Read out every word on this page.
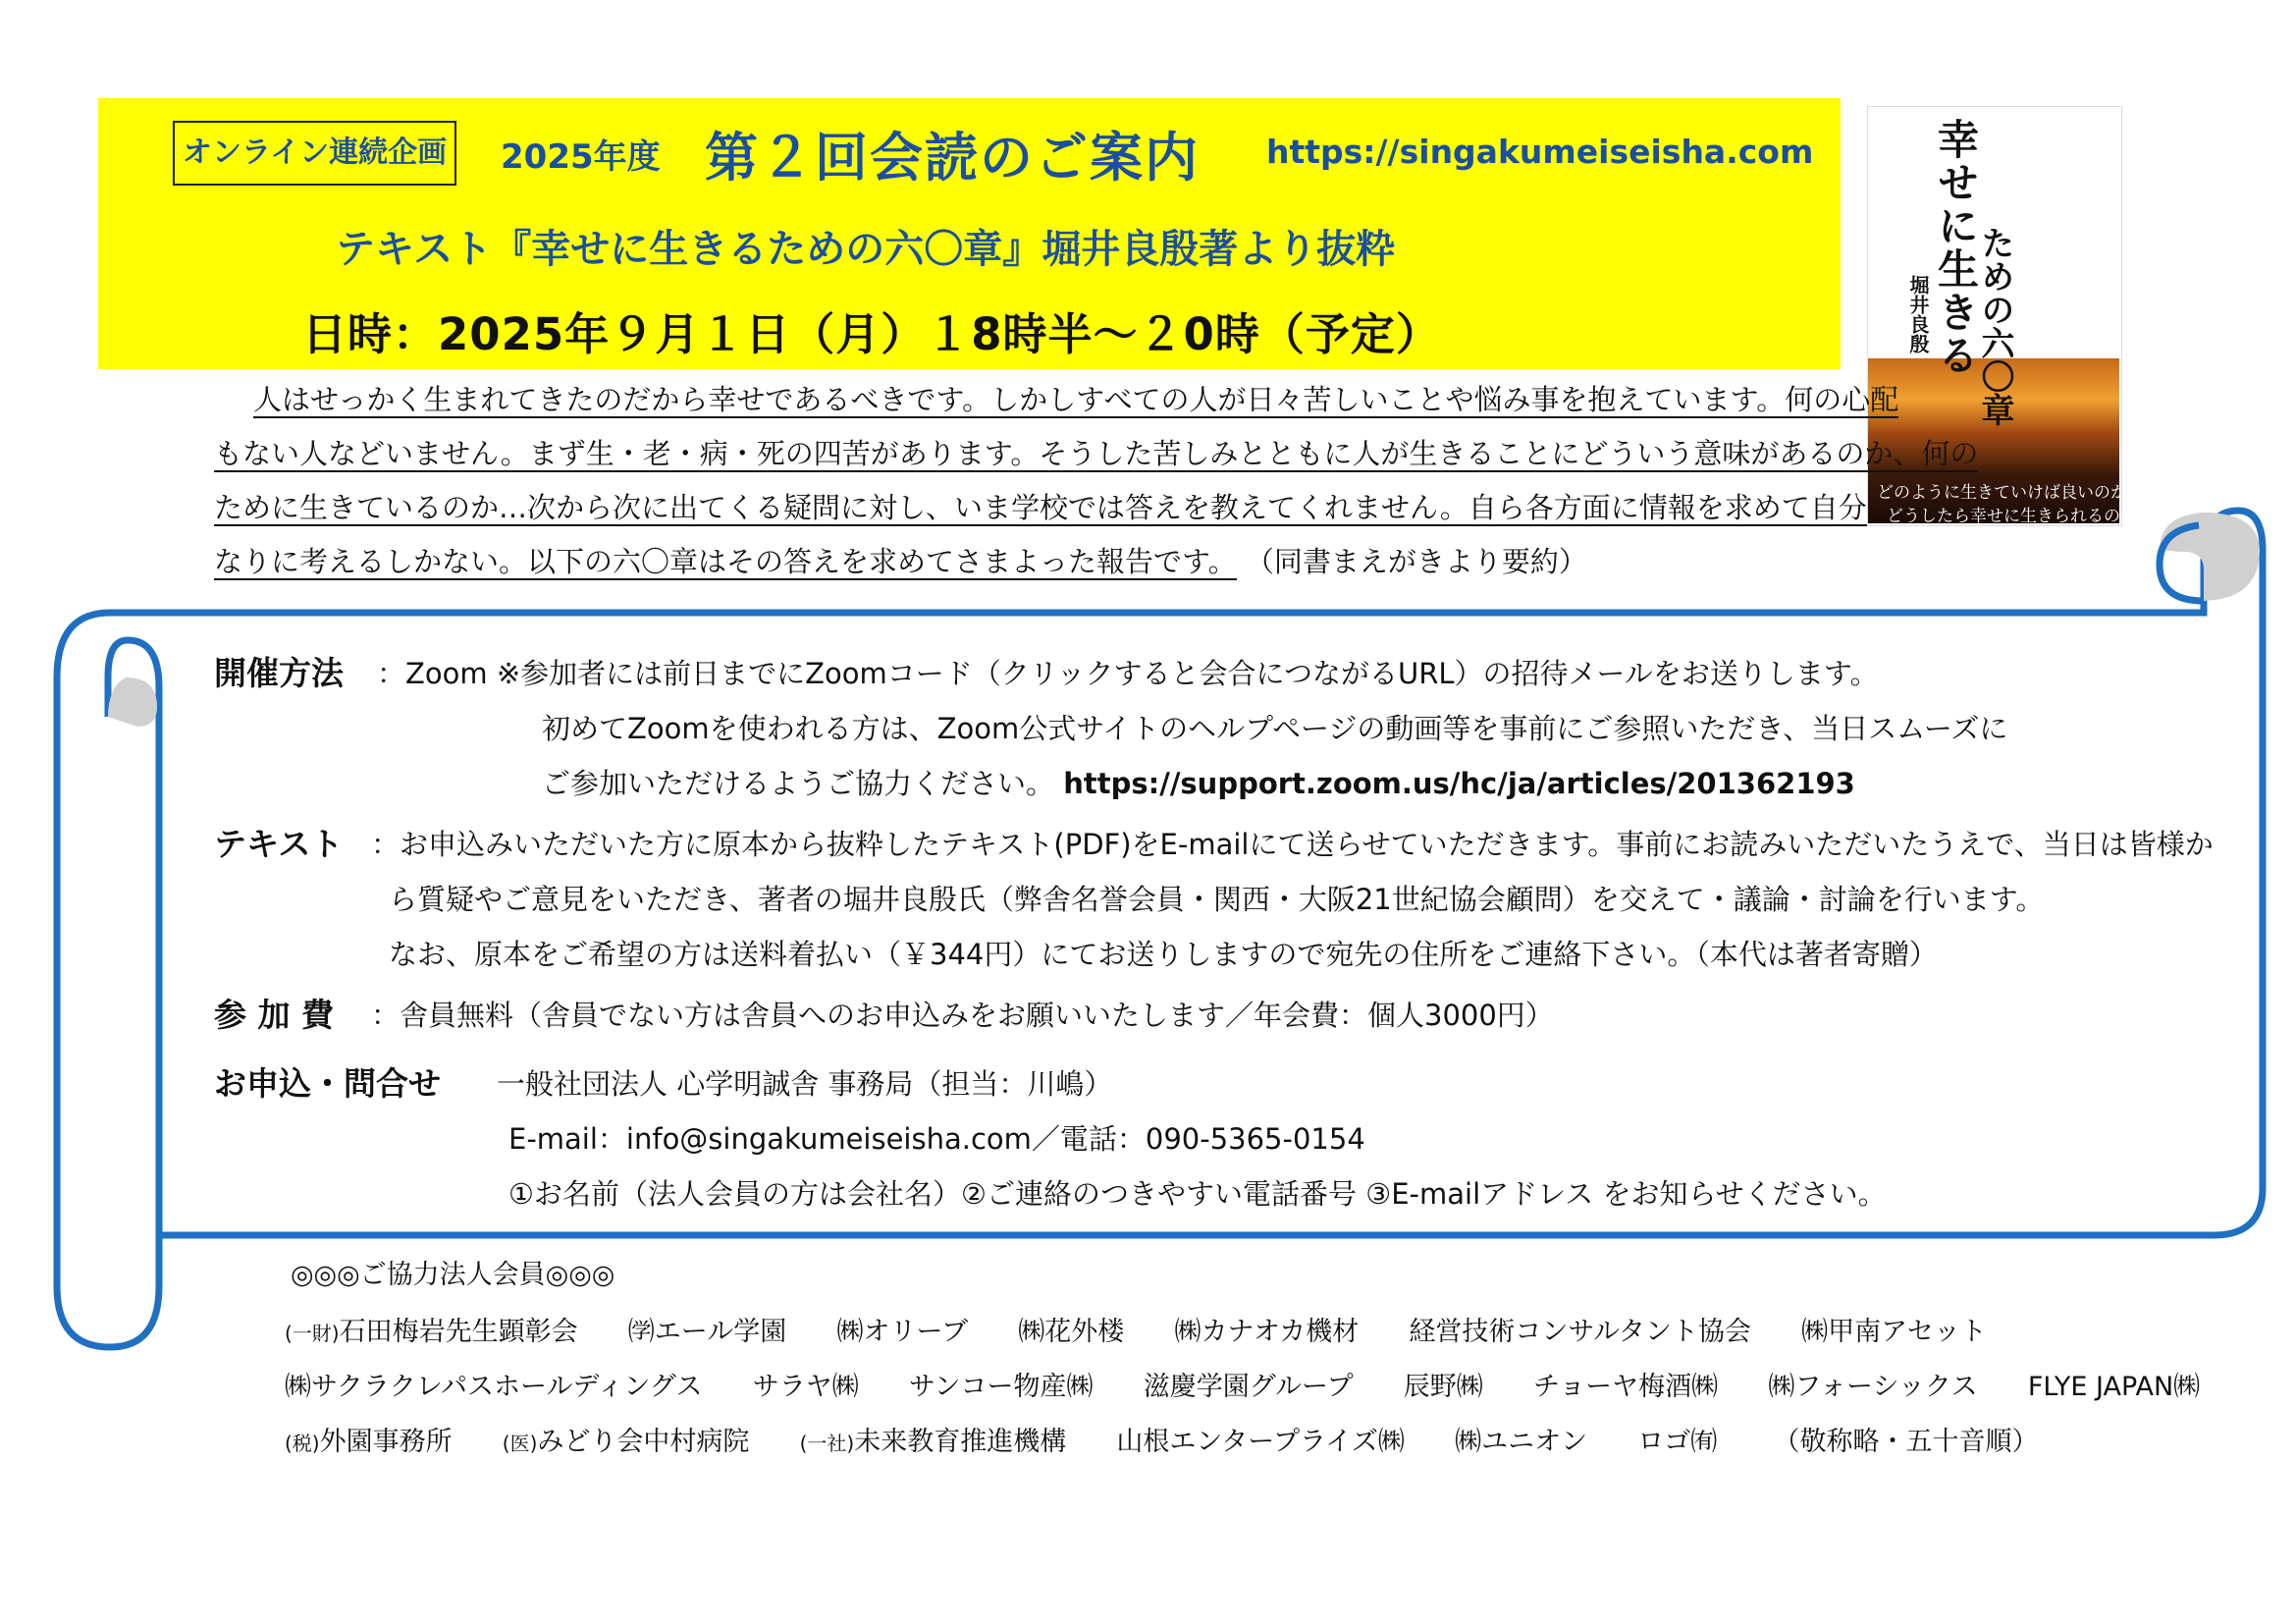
オンライン連続企画 2025年度 第２回会読のご案内 https://singakumeiseisha.com
テキスト『幸せに生きるための六〇章』堀井良殷著より抜粋
日時：2025年９月１日（月）１8時半～２0時（予定）	幸せに生きる
ための六〇章
堀井良殷
どのように生きていけば良いのか、
どうしたら幸せに生きられるのか
人はせっかく生まれてきたのだから幸せであるべきです。しかしすべての人が日々苦しいことや悩み事を抱えています。何の心配
もない人などいません。まず生・老・病・死の四苦があります。そうした苦しみとともに人が生きることにどういう意味があるのか、何の
ために生きているのか…次から次に出てくる疑問に対し、いま学校では答えを教えてくれません。自ら各方面に情報を求めて自分
なりに考えるしかない。以下の六〇章はその答えを求めてさまよった報告です。 （同書まえがきより要約）
開催方法 ：Zoom ※参加者には前日までにZoomコード（クリックすると会合につながるURL）の招待メールをお送りします。
初めてZoomを使われる方は、Zoom公式サイトのヘルプページの動画等を事前にご参照いただき、当日スムーズに
ご参加いただけるようご協力ください。 https://support.zoom.us/hc/ja/articles/201362193
テキスト ：お申込みいただいた方に原本から抜粋したテキスト(PDF)をE-mailにて送らせていただきます。事前にお読みいただいたうえで、当日は皆様か
ら質疑やご意見をいただき、著者の堀井良殷氏（弊舎名誉会員・関西・大阪21世紀協会顧問）を交えて・議論・討論を行います。
なお、原本をご希望の方は送料着払い（￥344円）にてお送りしますので宛先の住所をご連絡下さい。（本代は著者寄贈）
参 加 費 ：舎員無料（舎員でない方は舎員へのお申込みをお願いいたします／年会費：個人3000円）
お申込・問合せ 一般社団法人 心学明誠舎 事務局（担当：川嶋）
E-mail：info@singakumeiseisha.com／電話：090-5365-0154
①お名前（法人会員の方は会社名）②ご連絡のつきやすい電話番号 ③E-mailアドレス をお知らせください。
◎◎◎ご協力法人会員◎◎◎
(一財)石田梅岩先生顕彰会 ㈻エール学園 ㈱オリーブ ㈱花外楼 ㈱カナオカ機材 経営技術コンサルタント協会 ㈱甲南アセット
㈱サクラクレパスホールディングス サラヤ㈱ サンコー物産㈱ 滋慶学園グループ 辰野㈱ チョーヤ梅酒㈱ ㈱フォーシックス FLYE JAPAN㈱
(税)外園事務所	(医)みどり会中村病院	(一社)未来教育推進機構 山根エンタープライズ㈱ ㈱ユニオン ロゴ㈲ （敬称略・五十音順）
